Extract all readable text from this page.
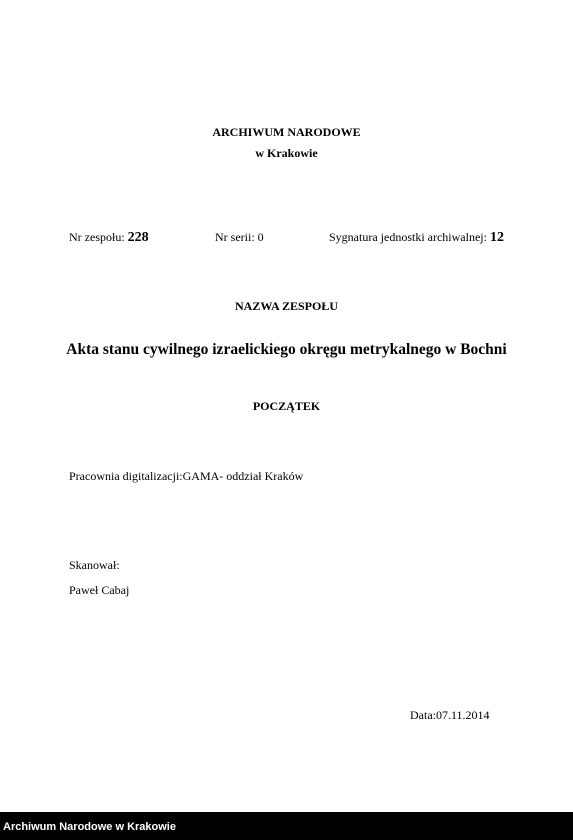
ARCHIWUM NARODOWE
w Krakowie
Nr zespołu: 228	Nr serii: 0	Sygnatura jednostki archiwalnej: 12
NAZWA ZESPOŁU
Akta stanu cywilnego izraelickiego okręgu metrykalnego w Bochni
POCZĄTEK
Pracownia digitalizacji:GAMA- oddział Kraków
Skanował:
Paweł Cabaj
Data:07.11.2014
Archiwum Narodowe w Krakowie
